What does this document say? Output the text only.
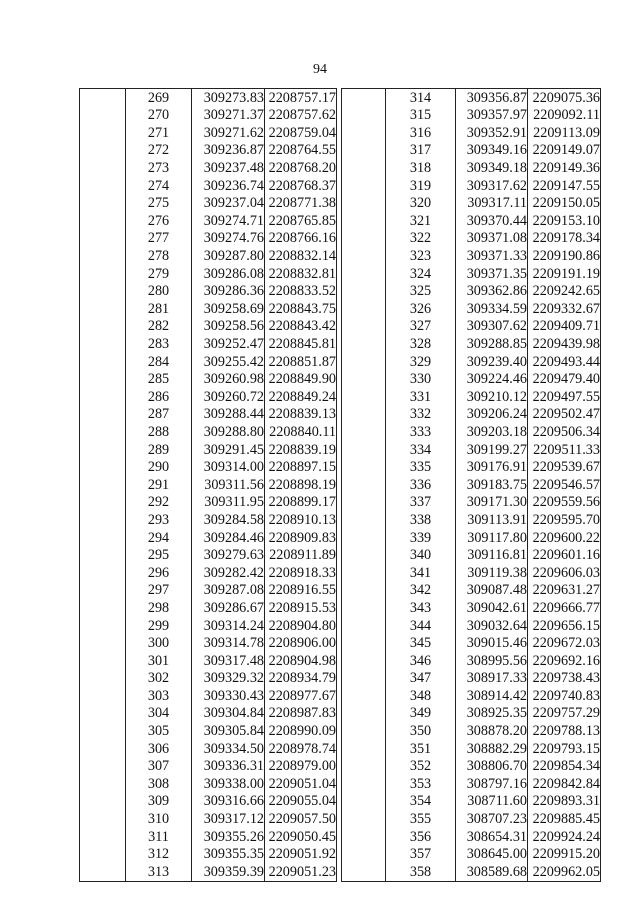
94
	269	309273.83	2208757.17
	270	309271.37	2208757.62
	271	309271.62	2208759.04
	272	309236.87	2208764.55
	273	309237.48	2208768.20
	274	309236.74	2208768.37
	275	309237.04	2208771.38
	276	309274.71	2208765.85
	277	309274.76	2208766.16
	278	309287.80	2208832.14
	279	309286.08	2208832.81
	280	309286.36	2208833.52
	281	309258.69	2208843.75
	282	309258.56	2208843.42
	283	309252.47	2208845.81
	284	309255.42	2208851.87
	285	309260.98	2208849.90
	286	309260.72	2208849.24
	287	309288.44	2208839.13
	288	309288.80	2208840.11
	289	309291.45	2208839.19
	290	309314.00	2208897.15
	291	309311.56	2208898.19
	292	309311.95	2208899.17
	293	309284.58	2208910.13
	294	309284.46	2208909.83
	295	309279.63	2208911.89
	296	309282.42	2208918.33
	297	309287.08	2208916.55
	298	309286.67	2208915.53
	299	309314.24	2208904.80
	300	309314.78	2208906.00
	301	309317.48	2208904.98
	302	309329.32	2208934.79
	303	309330.43	2208977.67
	304	309304.84	2208987.83
	305	309305.84	2208990.09
	306	309334.50	2208978.74
	307	309336.31	2208979.00
	308	309338.00	2209051.04
	309	309316.66	2209055.04
	310	309317.12	2209057.50
	311	309355.26	2209050.45
	312	309355.35	2209051.92
	313	309359.39	2209051.23
	314	309356.87	2209075.36
	315	309357.97	2209092.11
	316	309352.91	2209113.09
	317	309349.16	2209149.07
	318	309349.18	2209149.36
	319	309317.62	2209147.55
	320	309317.11	2209150.05
	321	309370.44	2209153.10
	322	309371.08	2209178.34
	323	309371.33	2209190.86
	324	309371.35	2209191.19
	325	309362.86	2209242.65
	326	309334.59	2209332.67
	327	309307.62	2209409.71
	328	309288.85	2209439.98
	329	309239.40	2209493.44
	330	309224.46	2209479.40
	331	309210.12	2209497.55
	332	309206.24	2209502.47
	333	309203.18	2209506.34
	334	309199.27	2209511.33
	335	309176.91	2209539.67
	336	309183.75	2209546.57
	337	309171.30	2209559.56
	338	309113.91	2209595.70
	339	309117.80	2209600.22
	340	309116.81	2209601.16
	341	309119.38	2209606.03
	342	309087.48	2209631.27
	343	309042.61	2209666.77
	344	309032.64	2209656.15
	345	309015.46	2209672.03
	346	308995.56	2209692.16
	347	308917.33	2209738.43
	348	308914.42	2209740.83
	349	308925.35	2209757.29
	350	308878.20	2209788.13
	351	308882.29	2209793.15
	352	308806.70	2209854.34
	353	308797.16	2209842.84
	354	308711.60	2209893.31
	355	308707.23	2209885.45
	356	308654.31	2209924.24
	357	308645.00	2209915.20
	358	308589.68	2209962.05
